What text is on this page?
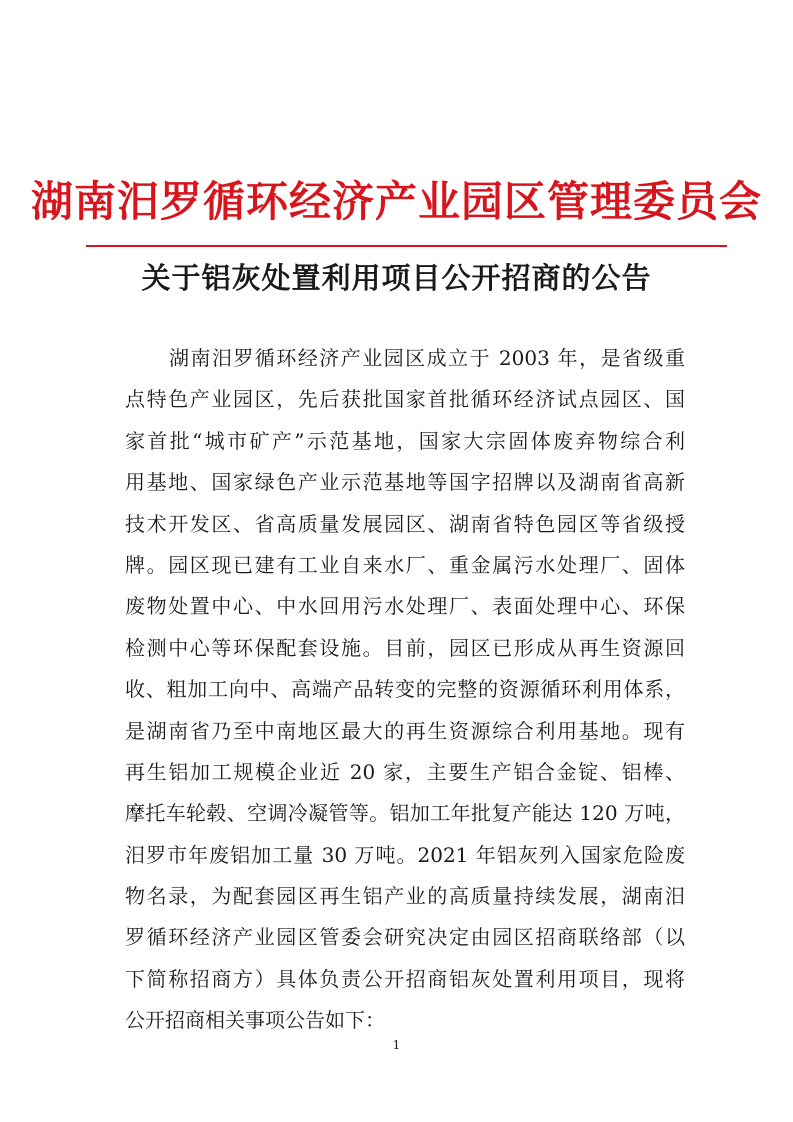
湖南汨罗循环经济产业园区管理委员会
关于铝灰处置利用项目公开招商的公告
湖南汨罗循环经济产业园区成立于 2003 年，是省级重
点特色产业园区，先后获批国家首批循环经济试点园区、国
家首批“城市矿产”示范基地，国家大宗固体废弃物综合利
用基地、国家绿色产业示范基地等国字招牌以及湖南省高新
技术开发区、省高质量发展园区、湖南省特色园区等省级授
牌。园区现已建有工业自来水厂、重金属污水处理厂、固体
废物处置中心、中水回用污水处理厂、表面处理中心、环保
检测中心等环保配套设施。目前，园区已形成从再生资源回
收、粗加工向中、高端产品转变的完整的资源循环利用体系，
是湖南省乃至中南地区最大的再生资源综合利用基地。现有
再生铝加工规模企业近 20 家，主要生产铝合金锭、铝棒、
摩托车轮毂、空调冷凝管等。铝加工年批复产能达 120 万吨，
汨罗市年废铝加工量 30 万吨。2021 年铝灰列入国家危险废
物名录，为配套园区再生铝产业的高质量持续发展，湖南汨
罗循环经济产业园区管委会研究决定由园区招商联络部（以
下简称招商方）具体负责公开招商铝灰处置利用项目，现将
公开招商相关事项公告如下：
1
